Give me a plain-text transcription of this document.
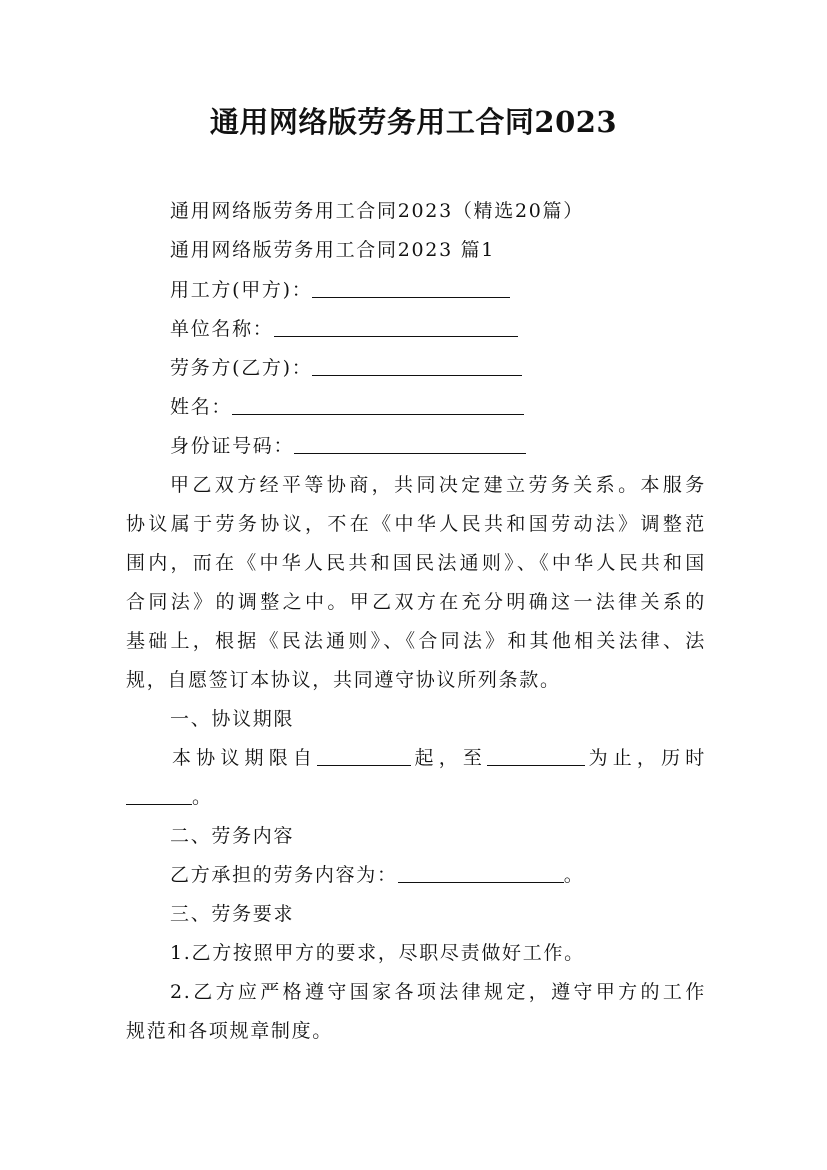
通用网络版劳务用工合同2023
通用网络版劳务用工合同2023（精选20篇）
通用网络版劳务用工合同2023 篇1
用工方(甲方)：
单位名称：
劳务方(乙方)：
姓名：
身份证号码：
甲乙双方经平等协商，共同决定建立劳务关系。本服务
协议属于劳务协议，不在《中华人民共和国劳动法》调整范
围内，而在《中华人民共和国民法通则》、《中华人民共和国
合同法》的调整之中。甲乙双方在充分明确这一法律关系的
基础上，根据《民法通则》、《合同法》和其他相关法律、法
规，自愿签订本协议，共同遵守协议所列条款。
一、协议期限
本协议期限自	起，至	为止，历时
。
二、劳务内容
乙方承担的劳务内容为：	。
三、劳务要求
1.乙方按照甲方的要求，尽职尽责做好工作。
2.乙方应严格遵守国家各项法律规定，遵守甲方的工作
规范和各项规章制度。
